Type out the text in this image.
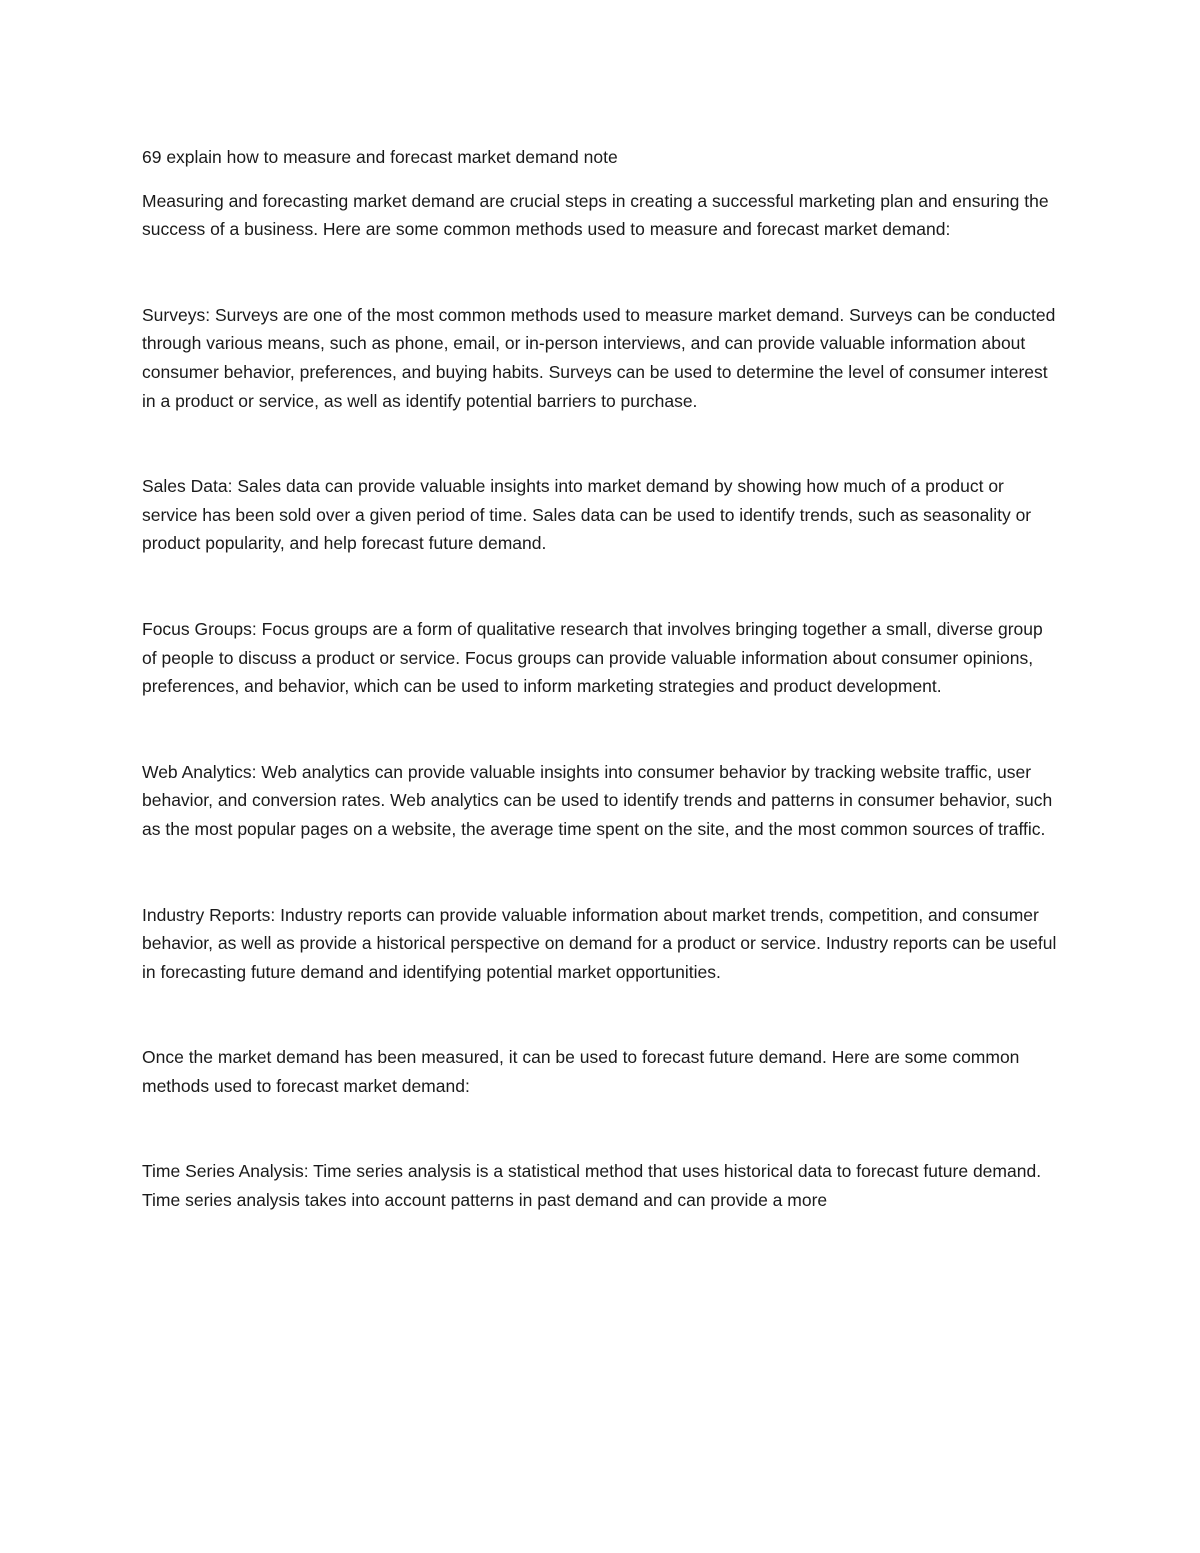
69 explain how to measure and forecast market demand note

Measuring and forecasting market demand are crucial steps in creating a successful marketing plan and ensuring the success of a business. Here are some common methods used to measure and forecast market demand:

Surveys: Surveys are one of the most common methods used to measure market demand. Surveys can be conducted through various means, such as phone, email, or in-person interviews, and can provide valuable information about consumer behavior, preferences, and buying habits. Surveys can be used to determine the level of consumer interest in a product or service, as well as identify potential barriers to purchase.

Sales Data: Sales data can provide valuable insights into market demand by showing how much of a product or service has been sold over a given period of time. Sales data can be used to identify trends, such as seasonality or product popularity, and help forecast future demand.

Focus Groups: Focus groups are a form of qualitative research that involves bringing together a small, diverse group of people to discuss a product or service. Focus groups can provide valuable information about consumer opinions, preferences, and behavior, which can be used to inform marketing strategies and product development.

Web Analytics: Web analytics can provide valuable insights into consumer behavior by tracking website traffic, user behavior, and conversion rates. Web analytics can be used to identify trends and patterns in consumer behavior, such as the most popular pages on a website, the average time spent on the site, and the most common sources of traffic.

Industry Reports: Industry reports can provide valuable information about market trends, competition, and consumer behavior, as well as provide a historical perspective on demand for a product or service. Industry reports can be useful in forecasting future demand and identifying potential market opportunities.

Once the market demand has been measured, it can be used to forecast future demand. Here are some common methods used to forecast market demand:

Time Series Analysis: Time series analysis is a statistical method that uses historical data to forecast future demand. Time series analysis takes into account patterns in past demand and can provide a more
